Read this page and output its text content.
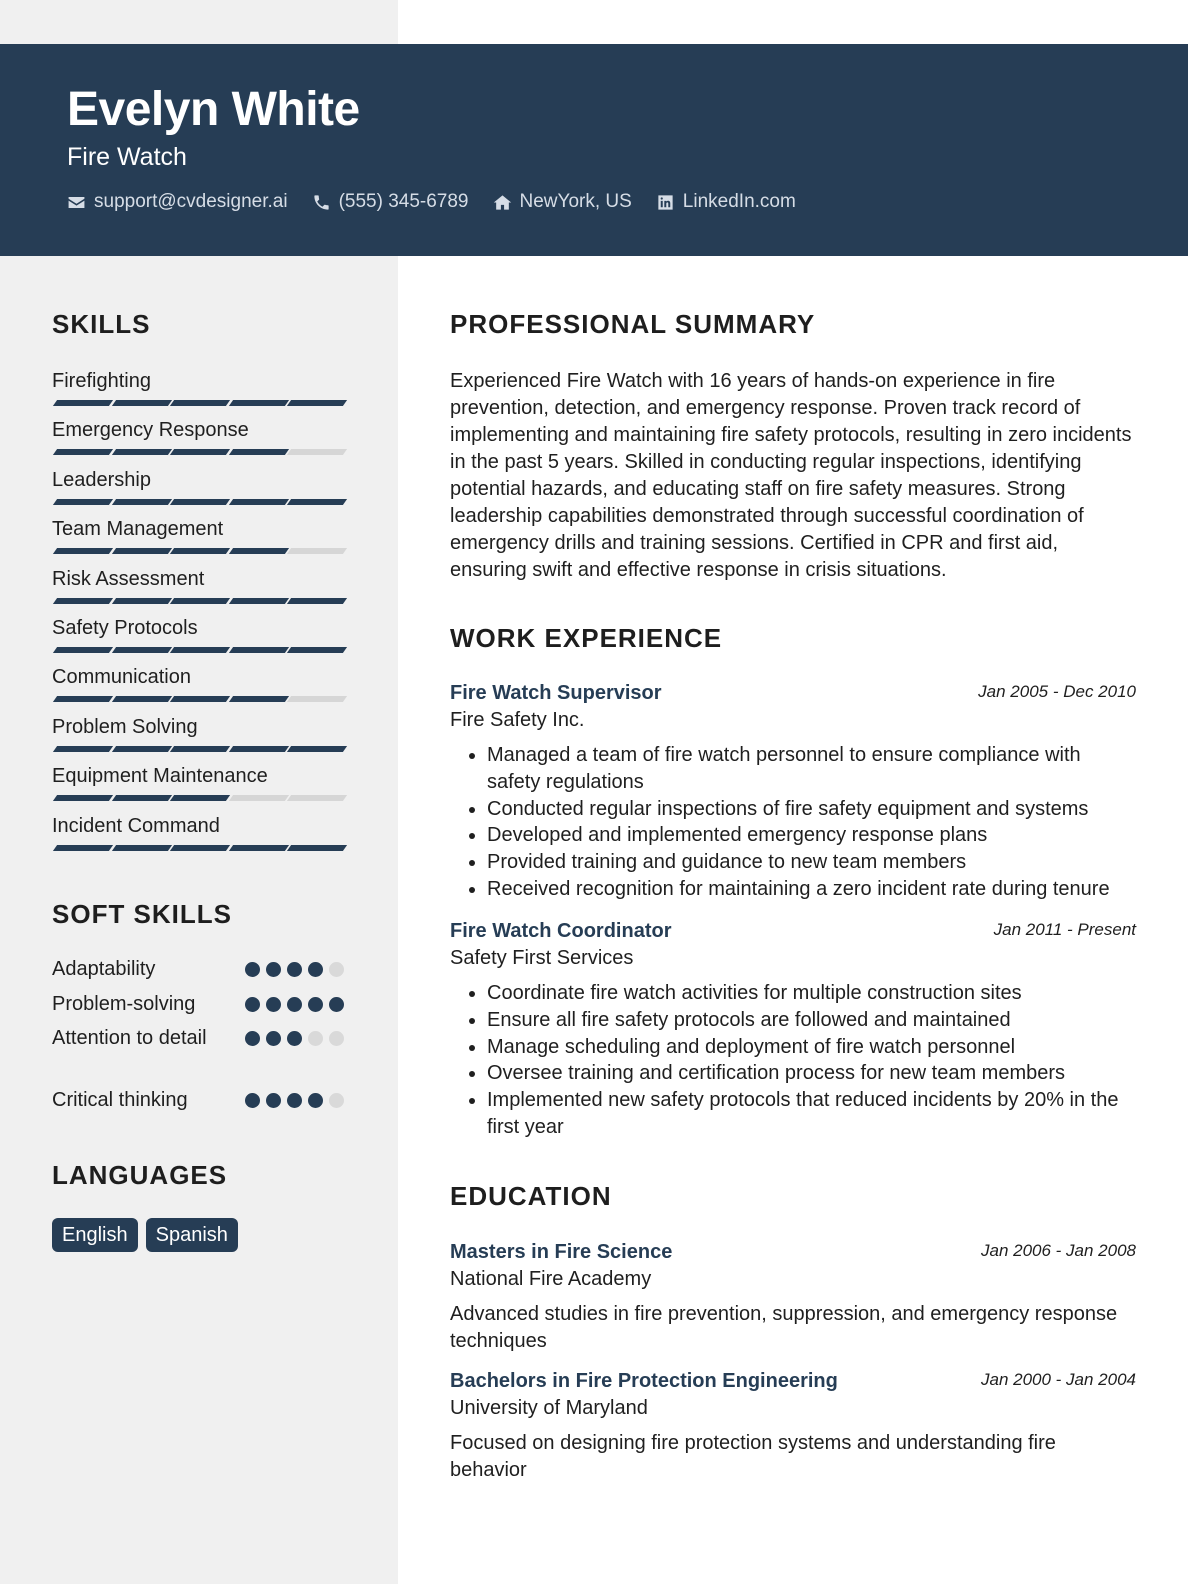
Evelyn White
Fire Watch
support@cvdesigner.ai	(555) 345-6789	NewYork, US	LinkedIn.com
SKILLS
Firefighting
Emergency Response
Leadership
Team Management
Risk Assessment
Safety Protocols
Communication
Problem Solving
Equipment Maintenance
Incident Command
SOFT SKILLS
Adaptability
Problem-solving
Attention to detail
Critical thinking
LANGUAGES
English	Spanish
PROFESSIONAL SUMMARY
Experienced Fire Watch with 16 years of hands-on experience in fire prevention, detection, and emergency response. Proven track record of implementing and maintaining fire safety protocols, resulting in zero incidents in the past 5 years. Skilled in conducting regular inspections, identifying potential hazards, and educating staff on fire safety measures. Strong leadership capabilities demonstrated through successful coordination of emergency drills and training sessions. Certified in CPR and first aid, ensuring swift and effective response in crisis situations.
WORK EXPERIENCE
Fire Watch Supervisor	Jan 2005 - Dec 2010
Fire Safety Inc.
• Managed a team of fire watch personnel to ensure compliance with safety regulations
• Conducted regular inspections of fire safety equipment and systems
• Developed and implemented emergency response plans
• Provided training and guidance to new team members
• Received recognition for maintaining a zero incident rate during tenure
Fire Watch Coordinator	Jan 2011 - Present
Safety First Services
• Coordinate fire watch activities for multiple construction sites
• Ensure all fire safety protocols are followed and maintained
• Manage scheduling and deployment of fire watch personnel
• Oversee training and certification process for new team members
• Implemented new safety protocols that reduced incidents by 20% in the first year
EDUCATION
Masters in Fire Science	Jan 2006 - Jan 2008
National Fire Academy
Advanced studies in fire prevention, suppression, and emergency response techniques
Bachelors in Fire Protection Engineering	Jan 2000 - Jan 2004
University of Maryland
Focused on designing fire protection systems and understanding fire behavior
